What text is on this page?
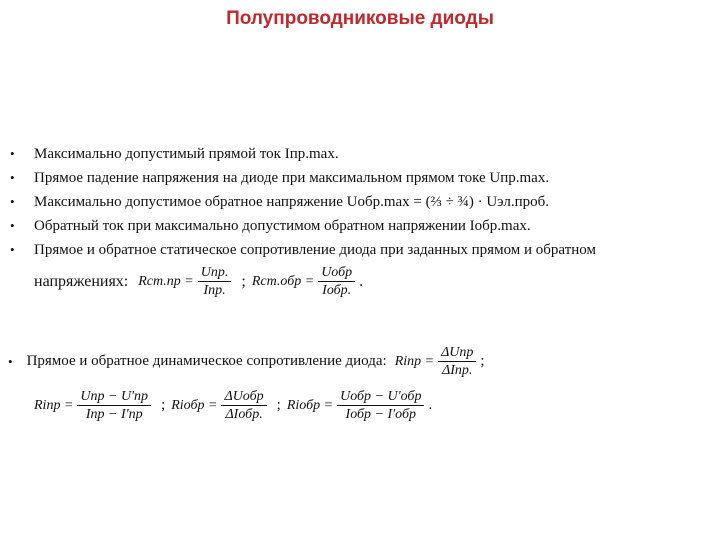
Полупроводниковые диоды
• Максимально допустимый прямой ток Iпр.max.
• Прямое падение напряжения на диоде при максимальном прямом токе Uпр.max.
• Максимально допустимое обратное напряжение Uобр.max = (⅔ ÷ ¾) · Uэл.проб.
• Обратный ток при максимально допустимом обратном напряжении Iобр.max.
• Прямое и обратное статическое сопротивление диода при заданных прямом и обратном
напряжениях: $Rст.пр = \frac{\text{Uпр.}}{\text{Iпр.}}$ ; $Rст.обр = \frac{\text{Uобр}}{\text{Iобр.}}$ .
• Прямое и обратное динамическое сопротивление диода: Riпр = $\frac{\text{ΔUпр}}{\text{ΔIпр.}}$ ;
Riпр = $\frac{\text{Uпр − U'пр}}{\text{Iпр − I'пр}}$ ; Riобр = $\frac{\text{ΔUобр}}{\text{ΔIобр.}}$ ; Riобр = $\frac{\text{Uобр − U'обр}}{\text{Iобр − I'обр}}$ .
